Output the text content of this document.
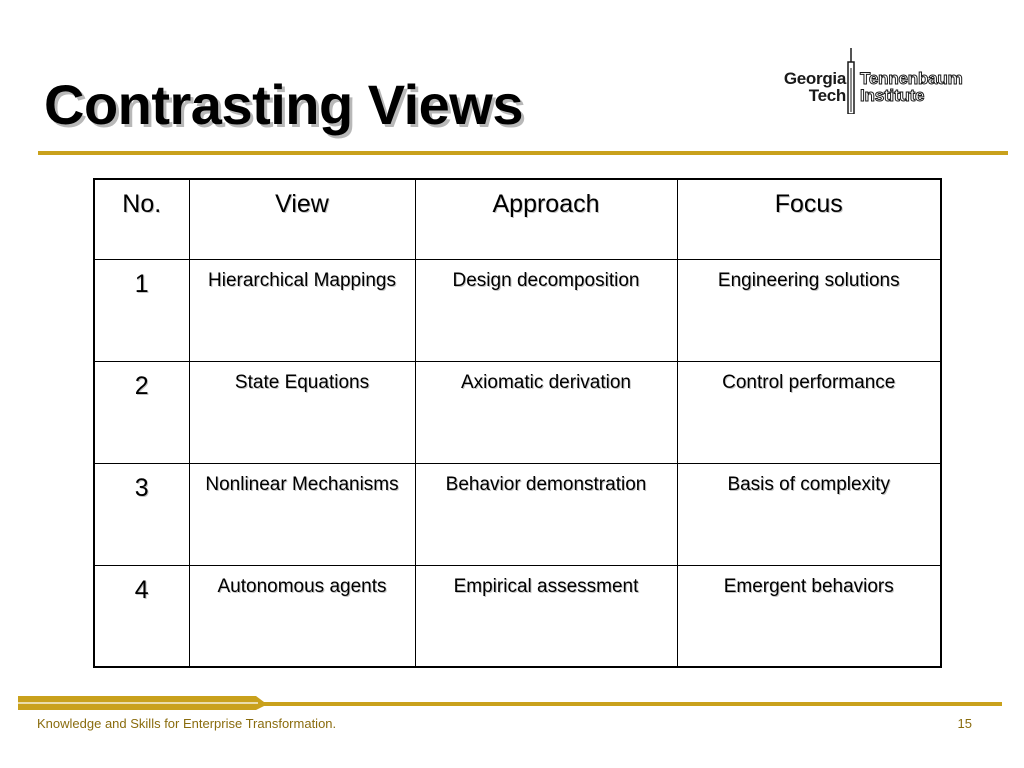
Contrasting Views	Georgia
Tech
Tennenbaum
Institute
No.	View	Approach	Focus
1	Hierarchical Mappings	Design decomposition	Engineering solutions
2	State Equations	Axiomatic derivation	Control performance
3	Nonlinear Mechanisms	Behavior demonstration	Basis of complexity
4	Autonomous agents	Empirical assessment	Emergent behaviors
Knowledge and Skills for Enterprise Transformation.	15
